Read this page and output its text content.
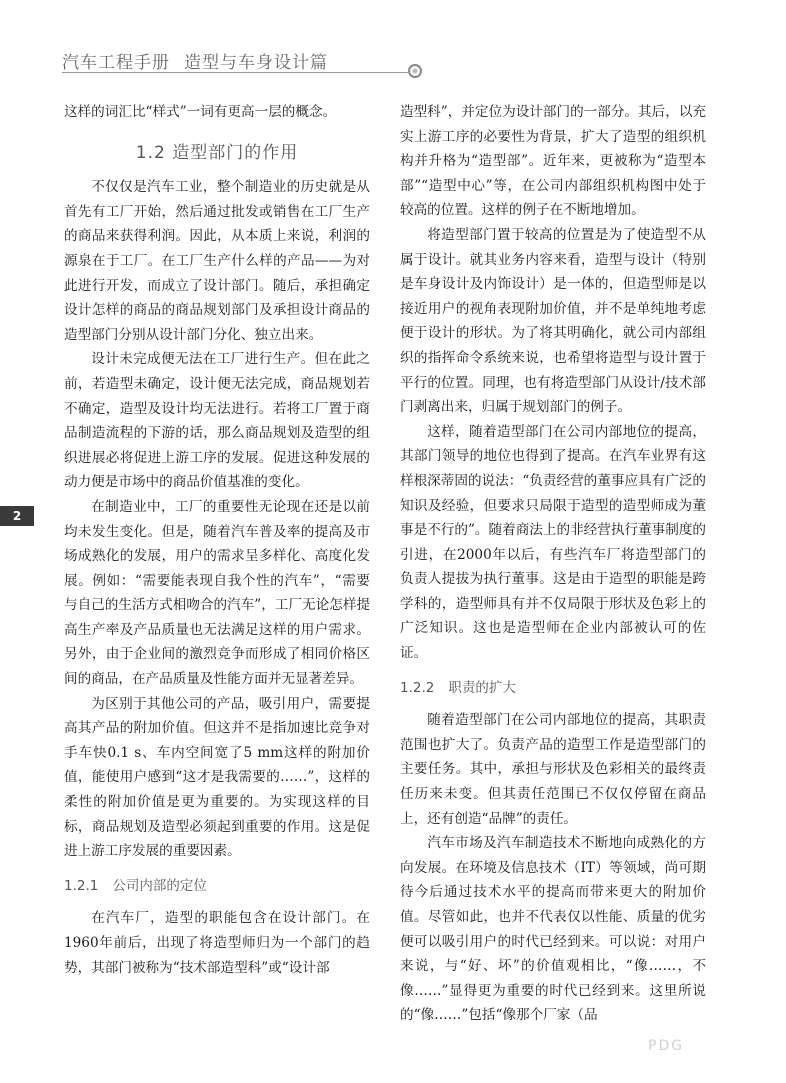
汽车工程手册 造型与车身设计篇
2

这样的词汇比“样式”一词有更高一层的概念。

1.2 造型部门的作用

不仅仅是汽车工业，整个制造业的历史就是从首先有工厂开始，然后通过批发或销售在工厂生产的商品来获得利润。因此，从本质上来说，利润的源泉在于工厂。在工厂生产什么样的产品——为对此进行开发，而成立了设计部门。随后，承担确定设计怎样的商品的商品规划部门及承担设计商品的造型部门分别从设计部门分化、独立出来。

设计未完成便无法在工厂进行生产。但在此之前，若造型未确定，设计便无法完成，商品规划若不确定，造型及设计均无法进行。若将工厂置于商品制造流程的下游的话，那么商品规划及造型的组织进展必将促进上游工序的发展。促进这种发展的动力便是市场中的商品价值基准的变化。

在制造业中，工厂的重要性无论现在还是以前均未发生变化。但是，随着汽车普及率的提高及市场成熟化的发展，用户的需求呈多样化、高度化发展。例如：“需要能表现自我个性的汽车”，“需要与自己的生活方式相吻合的汽车”，工厂无论怎样提高生产率及产品质量也无法满足这样的用户需求。另外，由于企业间的激烈竞争而形成了相同价格区间的商品，在产品质量及性能方面并无显著差异。

为区别于其他公司的产品，吸引用户，需要提高其产品的附加价值。但这并不是指加速比竞争对手车快0.1 s、车内空间宽了5 mm这样的附加价值，能使用户感到“这才是我需要的……”，这样的柔性的附加价值是更为重要的。为实现这样的目标，商品规划及造型必须起到重要的作用。这是促进上游工序发展的重要因素。

1.2.1 公司内部的定位

在汽车厂，造型的职能包含在设计部门。在1960年前后，出现了将造型师归为一个部门的趋势，其部门被称为“技术部造型科”或“设计部

造型科”，并定位为设计部门的一部分。其后，以充实上游工序的必要性为背景，扩大了造型的组织机构并升格为“造型部”。近年来，更被称为“造型本部”“造型中心”等，在公司内部组织机构图中处于较高的位置。这样的例子在不断地增加。

将造型部门置于较高的位置是为了使造型不从属于设计。就其业务内容来看，造型与设计（特别是车身设计及内饰设计）是一体的，但造型师是以接近用户的视角表现附加价值，并不是单纯地考虑便于设计的形状。为了将其明确化，就公司内部组织的指挥命令系统来说，也希望将造型与设计置于平行的位置。同理，也有将造型部门从设计/技术部门剥离出来，归属于规划部门的例子。

这样，随着造型部门在公司内部地位的提高，其部门领导的地位也得到了提高。在汽车业界有这样根深蒂固的说法：“负责经营的董事应具有广泛的知识及经验，但要求只局限于造型的造型师成为董事是不行的”。随着商法上的非经营执行董事制度的引进，在2000年以后，有些汽车厂将造型部门的负责人提拔为执行董事。这是由于造型的职能是跨学科的，造型师具有并不仅局限于形状及色彩上的广泛知识。这也是造型师在企业内部被认可的佐证。

1.2.2 职责的扩大

随着造型部门在公司内部地位的提高，其职责范围也扩大了。负责产品的造型工作是造型部门的主要任务。其中，承担与形状及色彩相关的最终责任历来未变。但其责任范围已不仅仅停留在商品上，还有创造“品牌”的责任。

汽车市场及汽车制造技术不断地向成熟化的方向发展。在环境及信息技术（IT）等领域，尚可期待今后通过技术水平的提高而带来更大的附加价值。尽管如此，也并不代表仅以性能、质量的优劣便可以吸引用户的时代已经到来。可以说：对用户来说，与“好、坏”的价值观相比，“像……，不像……”显得更为重要的时代已经到来。这里所说的“像……”包括“像那个厂家（品

PDG
